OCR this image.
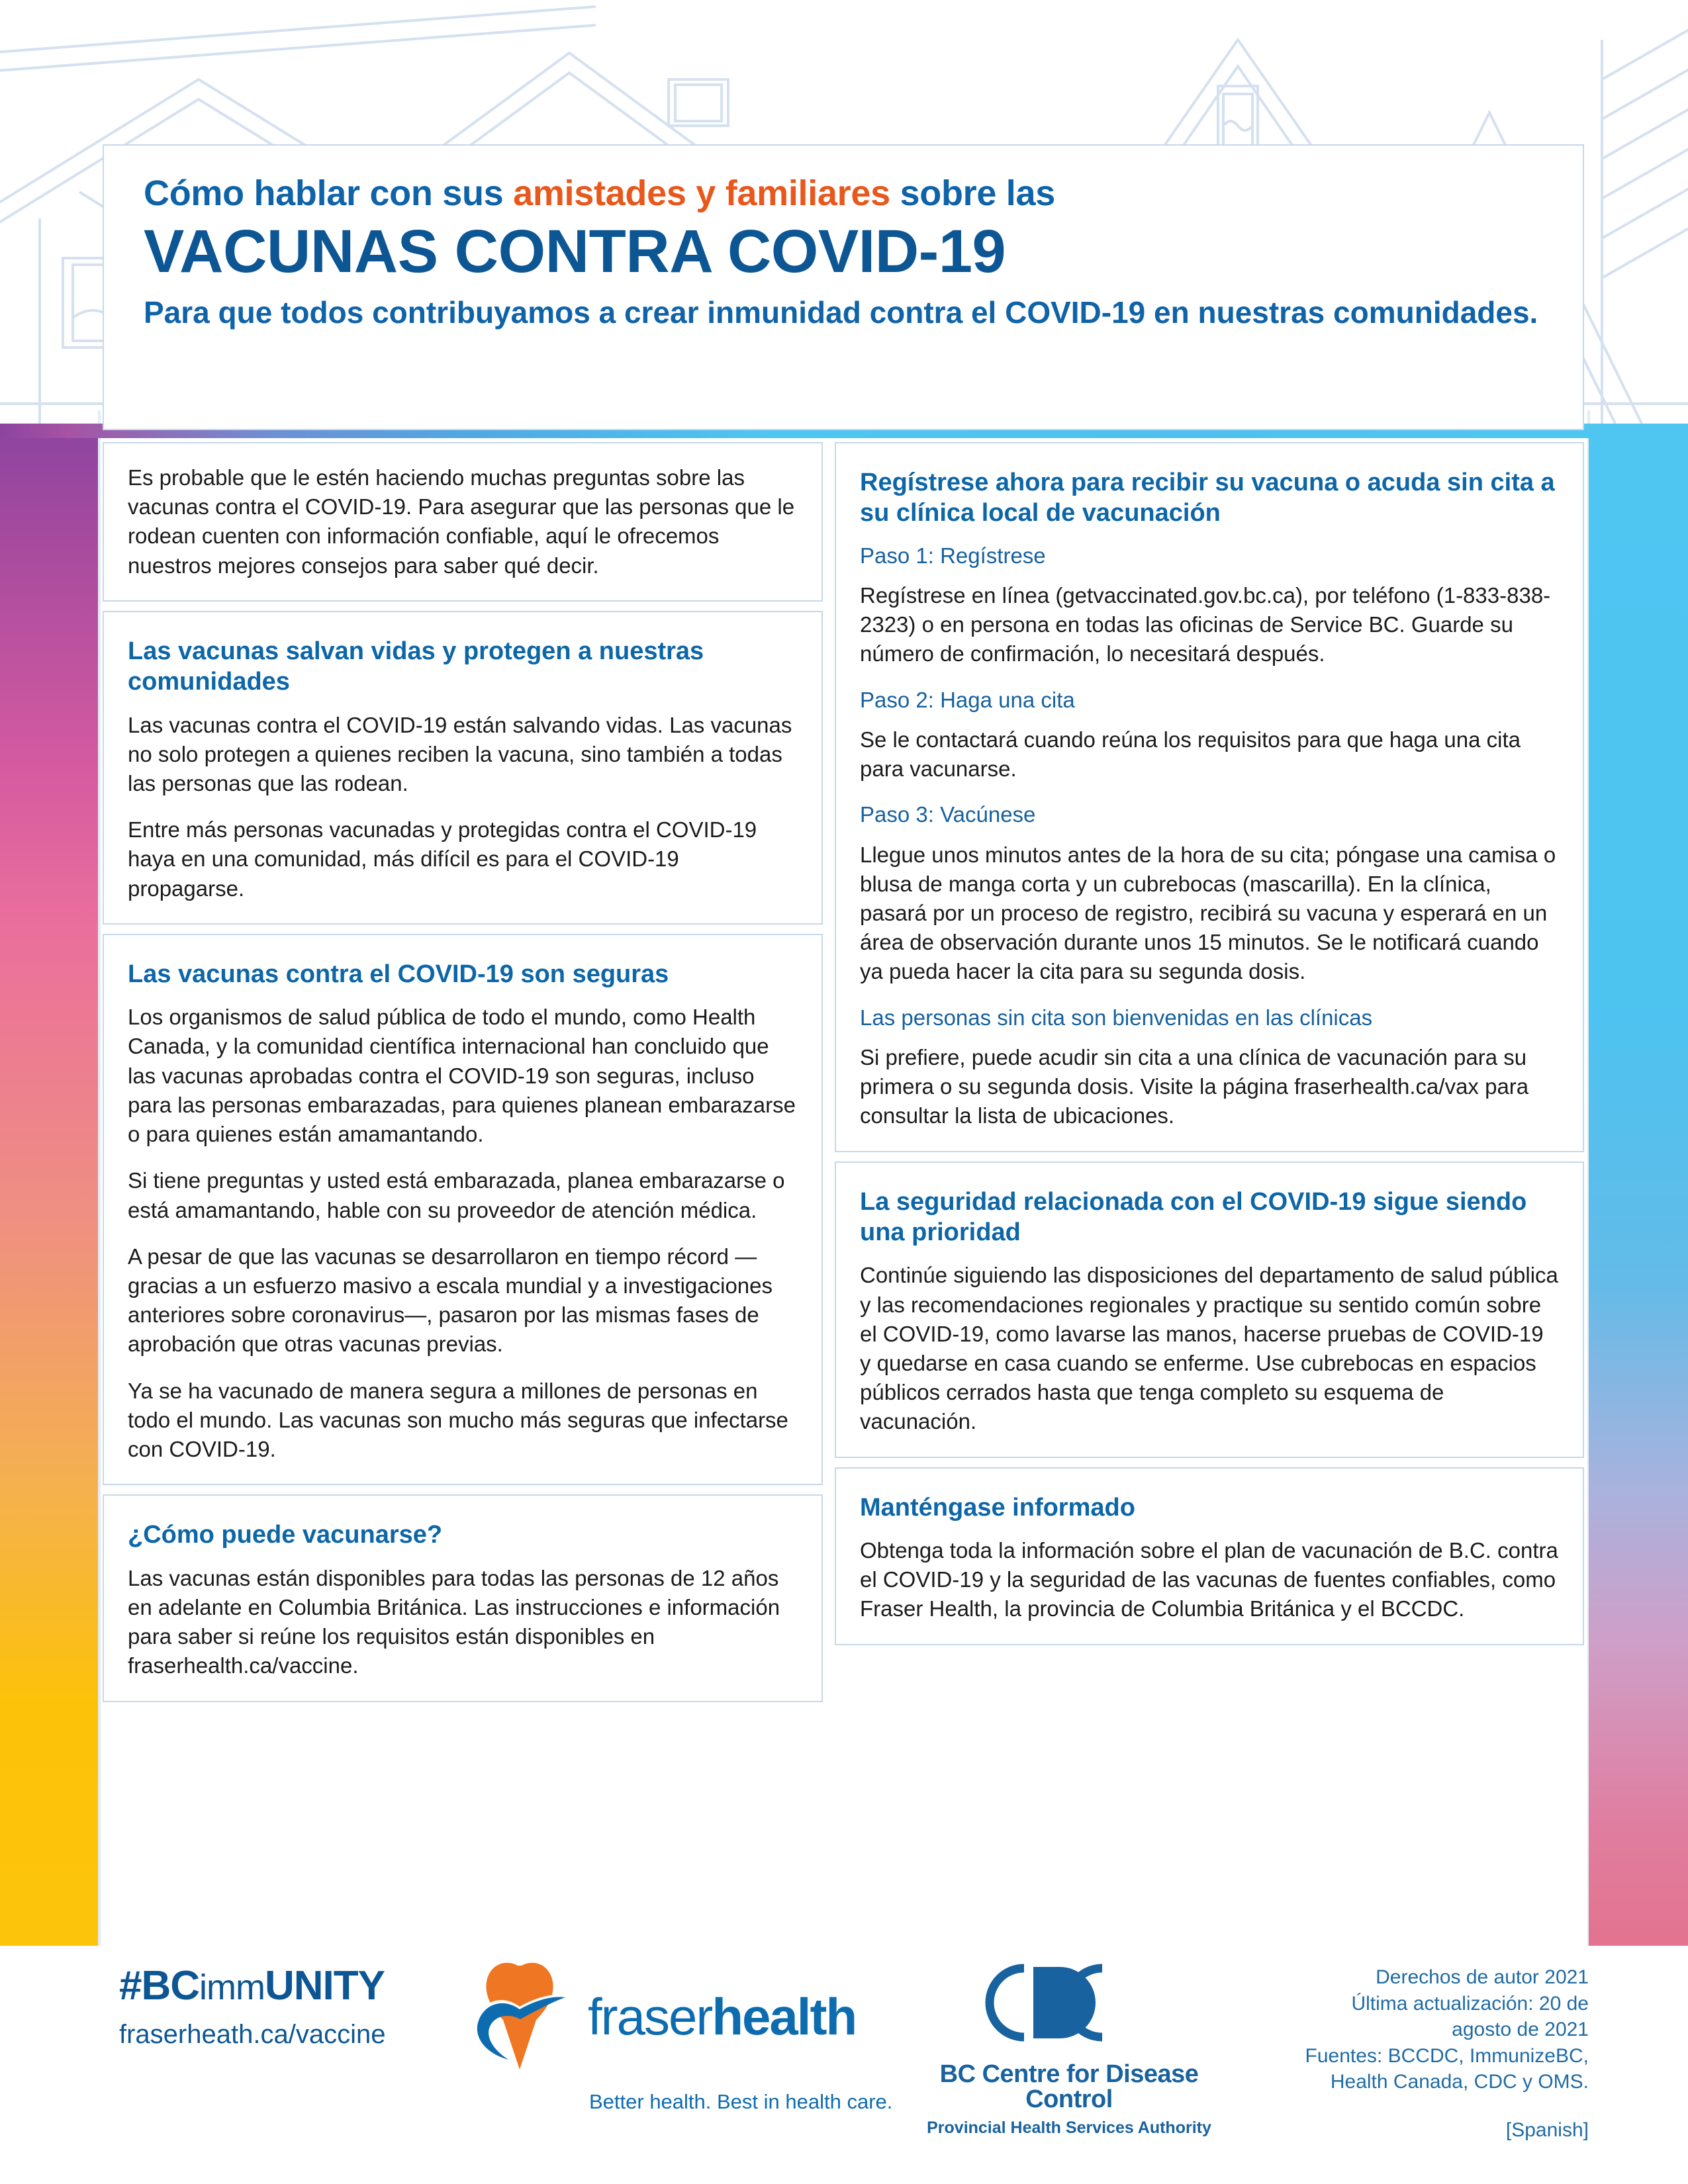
Cómo hablar con sus amistades y familiares sobre las
VACUNAS CONTRA COVID-19
Para que todos contribuyamos a crear inmunidad contra el COVID-19 en nuestras comunidades.

Es probable que le estén haciendo muchas preguntas sobre las vacunas contra el COVID-19. Para asegurar que las personas que le rodean cuenten con información confiable, aquí le ofrecemos nuestros mejores consejos para saber qué decir.

Las vacunas salvan vidas y protegen a nuestras comunidades

Las vacunas contra el COVID-19 están salvando vidas. Las vacunas no solo protegen a quienes reciben la vacuna, sino también a todas las personas que las rodean.

Entre más personas vacunadas y protegidas contra el COVID-19 haya en una comunidad, más difícil es para el COVID-19 propagarse.

Las vacunas contra el COVID-19 son seguras

Los organismos de salud pública de todo el mundo, como Health Canada, y la comunidad científica internacional han concluido que las vacunas aprobadas contra el COVID-19 son seguras, incluso para las personas embarazadas, para quienes planean embarazarse o para quienes están amamantando.

Si tiene preguntas y usted está embarazada, planea embarazarse o está amamantando, hable con su proveedor de atención médica.

A pesar de que las vacunas se desarrollaron en tiempo récord —gracias a un esfuerzo masivo a escala mundial y a investigaciones anteriores sobre coronavirus—, pasaron por las mismas fases de aprobación que otras vacunas previas.

Ya se ha vacunado de manera segura a millones de personas en todo el mundo. Las vacunas son mucho más seguras que infectarse con COVID-19.

¿Cómo puede vacunarse?

Las vacunas están disponibles para todas las personas de 12 años en adelante en Columbia Británica. Las instrucciones e información para saber si reúne los requisitos están disponibles en fraserhealth.ca/vaccine.

Regístrese ahora para recibir su vacuna o acuda sin cita a su clínica local de vacunación
Paso 1: Regístrese

Regístrese en línea (getvaccinated.gov.bc.ca), por teléfono (1-833-838-2323) o en persona en todas las oficinas de Service BC. Guarde su número de confirmación, lo necesitará después.

Paso 2: Haga una cita

Se le contactará cuando reúna los requisitos para que haga una cita para vacunarse.

Paso 3: Vacúnese

Llegue unos minutos antes de la hora de su cita; póngase una camisa o blusa de manga corta y un cubrebocas (mascarilla). En la clínica, pasará por un proceso de registro, recibirá su vacuna y esperará en un área de observación durante unos 15 minutos. Se le notificará cuando ya pueda hacer la cita para su segunda dosis.

Las personas sin cita son bienvenidas en las clínicas

Si prefiere, puede acudir sin cita a una clínica de vacunación para su primera o su segunda dosis. Visite la página fraserhealth.ca/vax para consultar la lista de ubicaciones.

La seguridad relacionada con el COVID-19 sigue siendo una prioridad

Continúe siguiendo las disposiciones del departamento de salud pública y las recomendaciones regionales y practique su sentido común sobre el COVID-19, como lavarse las manos, hacerse pruebas de COVID-19 y quedarse en casa cuando se enferme. Use cubrebocas en espacios públicos cerrados hasta que tenga completo su esquema de vacunación.

Manténgase informado

Obtenga toda la información sobre el plan de vacunación de B.C. contra el COVID-19 y la seguridad de las vacunas de fuentes confiables, como Fraser Health, la provincia de Columbia Británica y el BCCDC.

#BCimmUNITY
fraserheath.ca/vaccine	fraserhealth
Better health. Best in health care.
BC Centre for Disease Control
Provincial Health Services Authority
Derechos de autor 2021
Última actualización: 20 de
agosto de 2021
Fuentes: BCCDC, ImmunizeBC,
Health Canada, CDC y OMS.
[Spanish]
